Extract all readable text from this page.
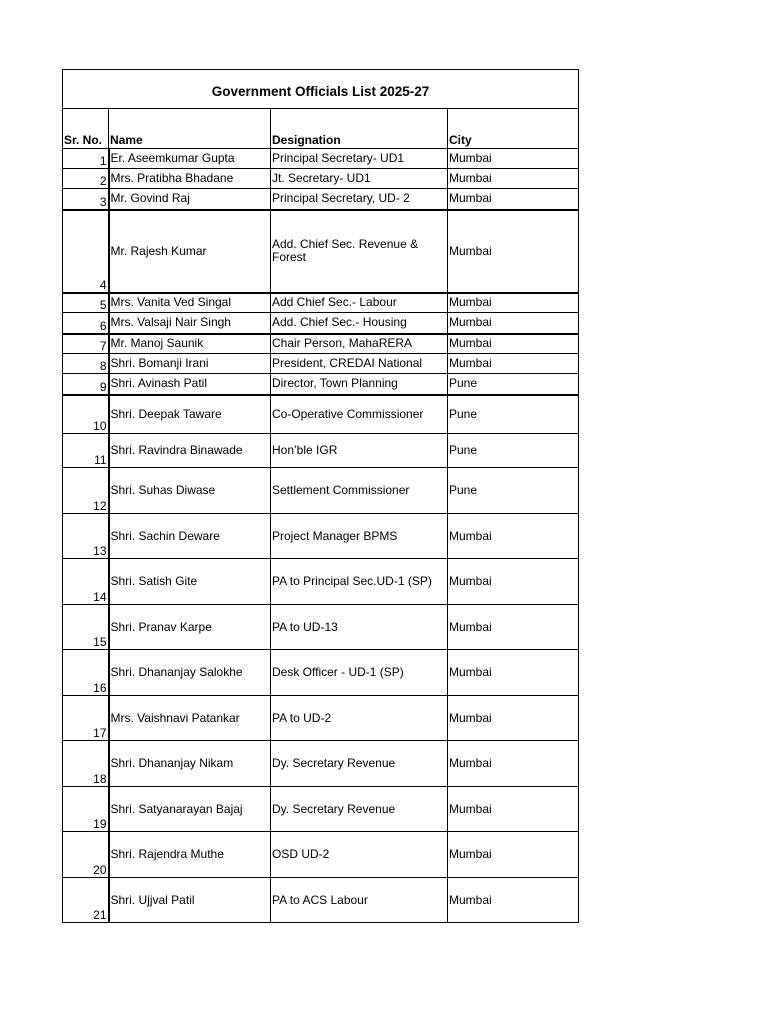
Government Officials List 2025-27			
Sr. No.	Name	Designation	City
1	Er. Aseemkumar Gupta	Principal Secretary- UD1	Mumbai
2	Mrs. Pratibha Bhadane	Jt. Secretary- UD1	Mumbai
3	Mr. Govind Raj	Principal Secretary, UD- 2	Mumbai
4	Mr. Rajesh Kumar	Add. Chief Sec. Revenue & Forest	Mumbai
5	Mrs. Vanita Ved Singal	Add Chief Sec.- Labour	Mumbai
6	Mrs. Valsaji Nair Singh	Add. Chief Sec.- Housing	Mumbai
7	Mr. Manoj Saunik	Chair Person, MahaRERA	Mumbai
8	Shri. Bomanji Irani	President, CREDAI National	Mumbai
9	Shri. Avinash Patil	Director, Town Planning	Pune
10	Shri. Deepak Taware	Co-Operative Commissioner	Pune
11	Shri. Ravindra Binawade	Hon’ble IGR	Pune
12	Shri. Suhas Diwase	Settlement Commissioner	Pune
13	Shri. Sachin Deware	Project Manager BPMS	Mumbai
14	Shri. Satish Gite	PA to Principal Sec.UD-1 (SP)	Mumbai
15	Shri. Pranav Karpe	PA to UD-13	Mumbai
16	Shri. Dhananjay Salokhe	Desk Officer - UD-1 (SP)	Mumbai
17	Mrs. Vaishnavi Patankar	PA to UD-2	Mumbai
18	Shri. Dhananjay Nikam	Dy. Secretary Revenue	Mumbai
19	Shri. Satyanarayan Bajaj	Dy. Secretary Revenue	Mumbai
20	Shri. Rajendra Muthe	OSD UD-2	Mumbai
21	Shri. Ujjval Patil	PA to ACS Labour	Mumbai
